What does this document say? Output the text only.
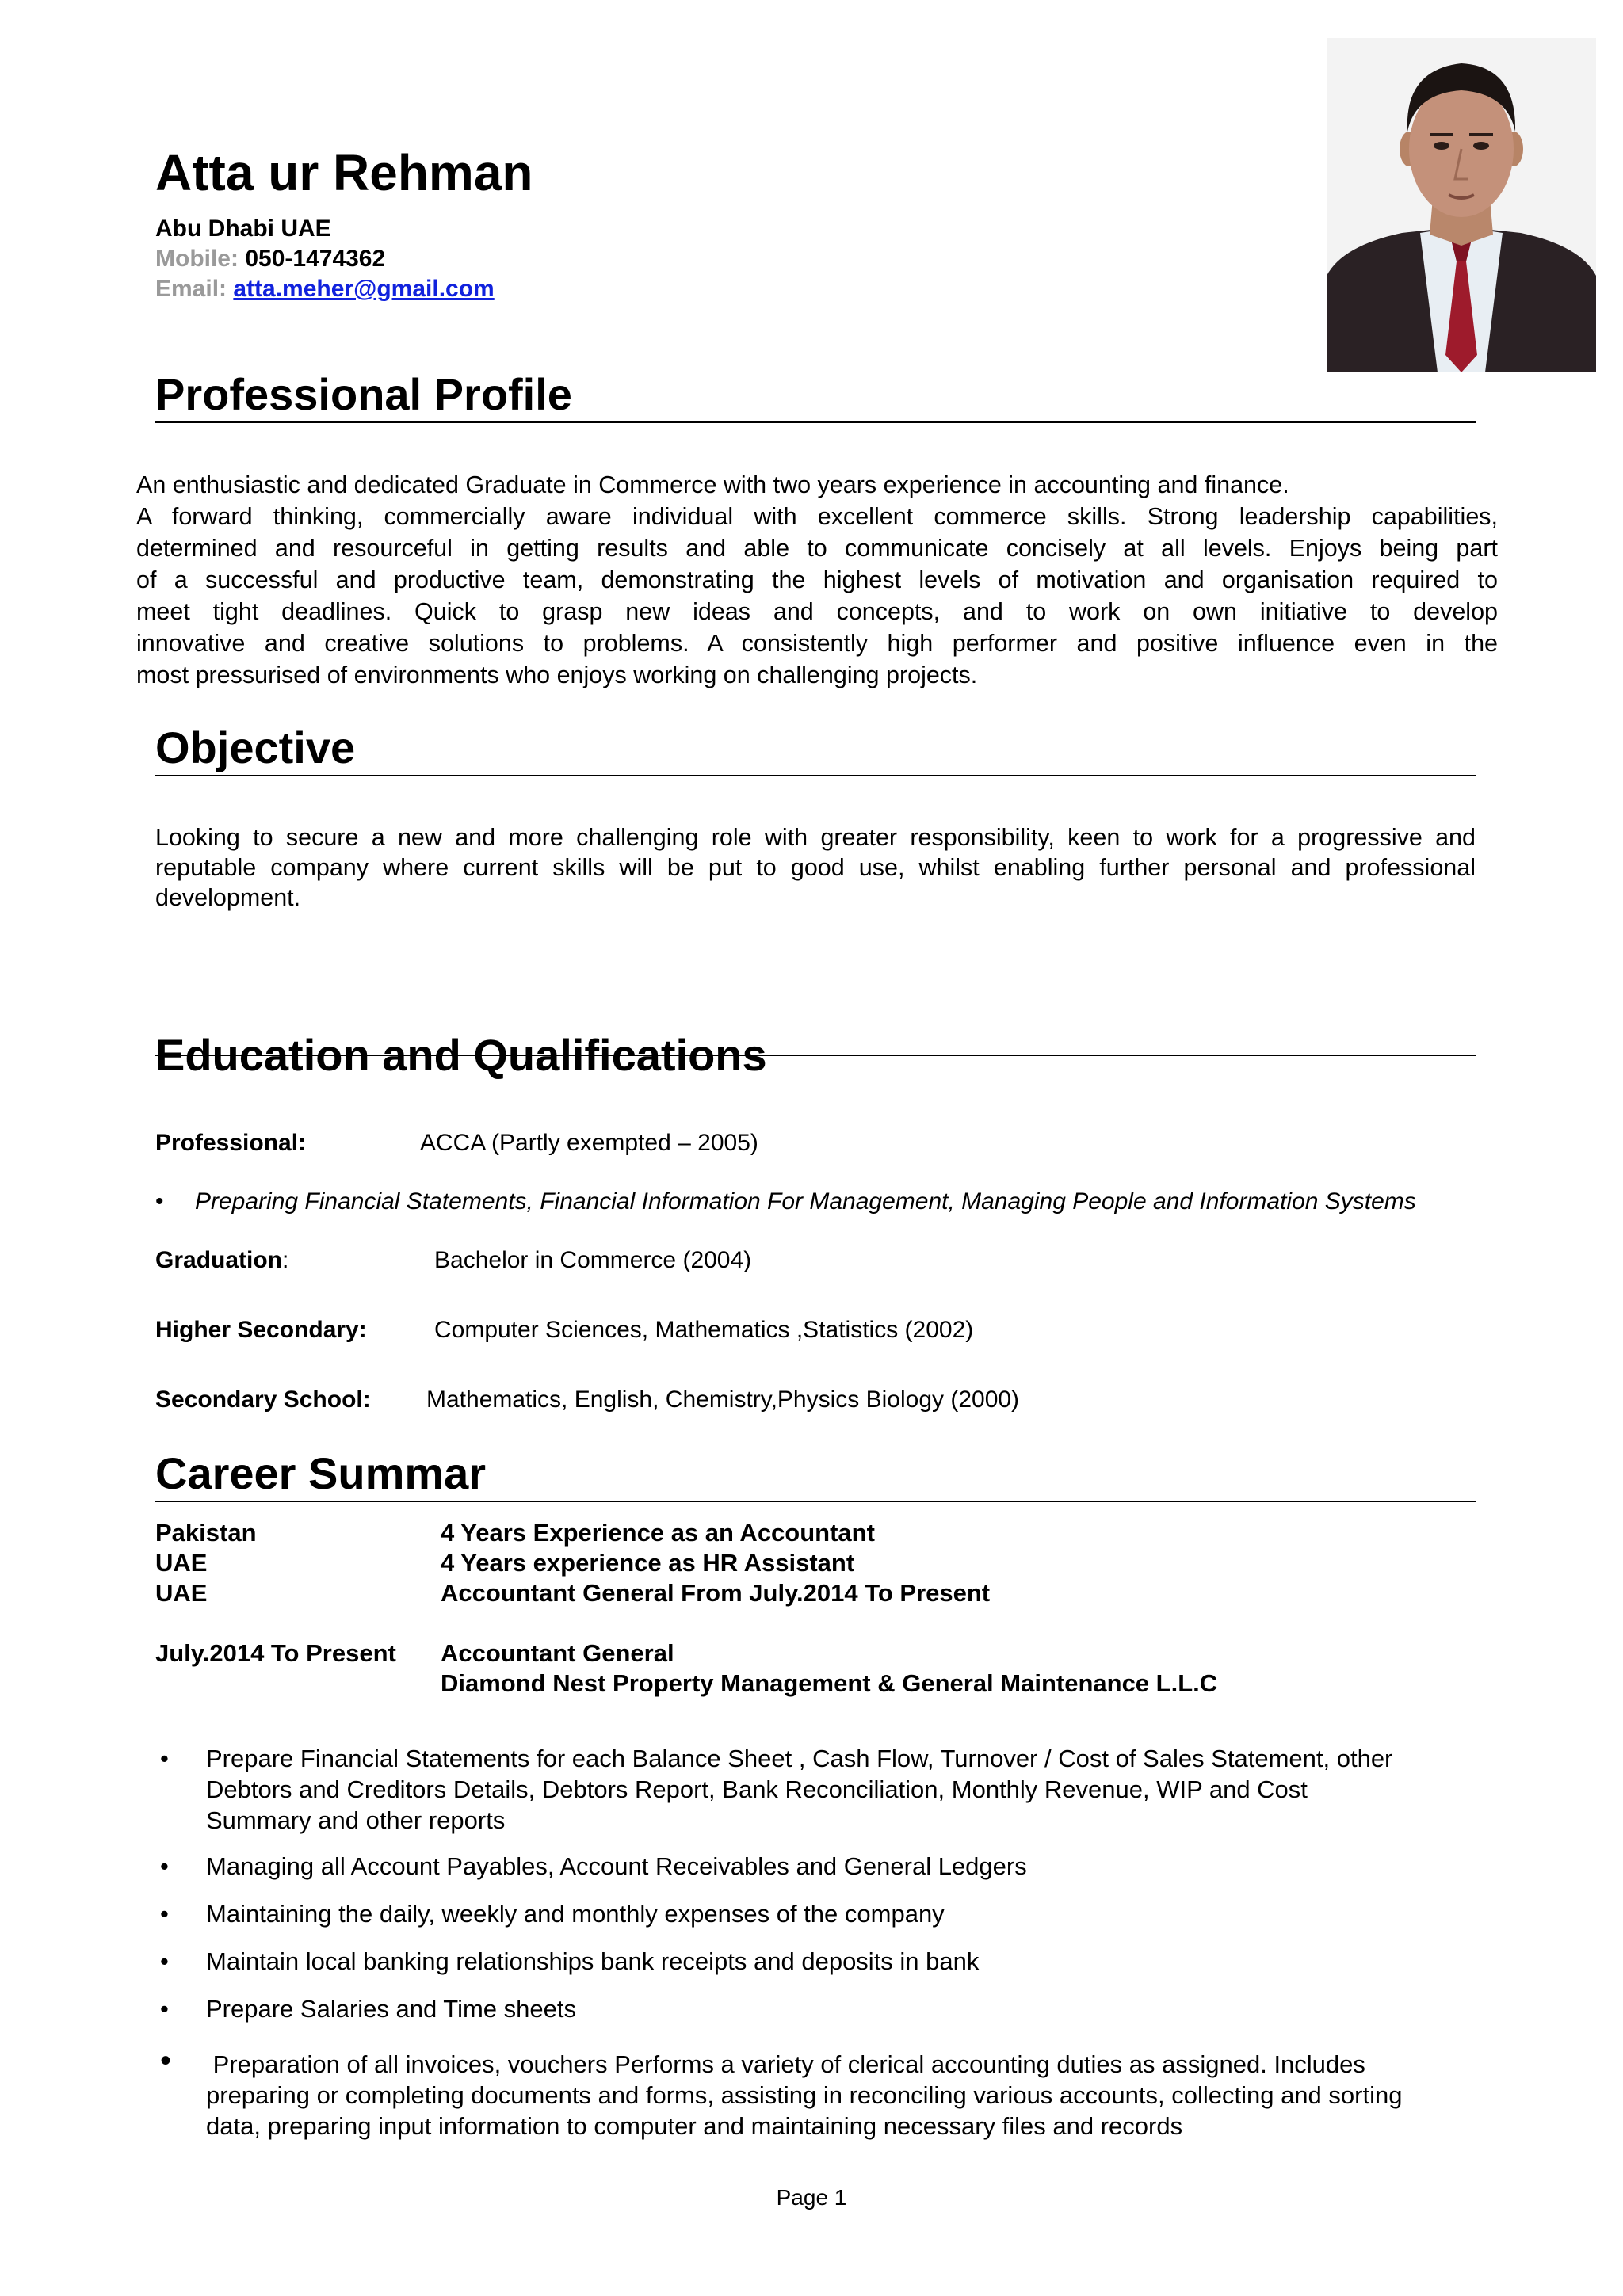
Atta ur Rehman
Abu Dhabi UAE
Mobile: 050-1474362
Email: atta.meher@gmail.com
Professional Profile
An enthusiastic and dedicated Graduate in Commerce with two years experience in accounting and finance.
A forward thinking, commercially aware individual with excellent commerce skills. Strong leadership capabilities,
determined and resourceful in getting results and able to communicate concisely at all levels. Enjoys being part
of a successful and productive team, demonstrating the highest levels of motivation and organisation required to
meet tight deadlines. Quick to grasp new ideas and concepts, and to work on own initiative to develop
innovative and creative solutions to problems. A consistently high performer and positive influence even in the
most pressurised of environments who enjoys working on challenging projects.
Objective
Looking to secure a new and more challenging role with greater responsibility, keen to work for a progressive and
reputable company where current skills will be put to good use, whilst enabling further personal and professional
development.
Education and Qualifications
Professional:	ACCA (Partly exempted – 2005)
• Preparing Financial Statements, Financial Information For Management, Managing People and Information Systems
Graduation:	Bachelor in Commerce (2004)
Higher Secondary:	Computer Sciences, Mathematics ,Statistics (2002)
Secondary School: Mathematics, English, Chemistry,Physics Biology (2000)
Career Summar
Pakistan	4 Years Experience as an Accountant
UAE	4 Years experience as HR Assistant
UAE	Accountant General From July.2014 To Present
July.2014 To Present Accountant General
Diamond Nest Property Management & General Maintenance L.L.C
• Prepare Financial Statements for each Balance Sheet , Cash Flow, Turnover / Cost of Sales Statement, other
Debtors and Creditors Details, Debtors Report, Bank Reconciliation, Monthly Revenue, WIP and Cost
Summary and other reports
• Managing all Account Payables, Account Receivables and General Ledgers
• Maintaining the daily, weekly and monthly expenses of the company
• Maintain local banking relationships bank receipts and deposits in bank
• Prepare Salaries and Time sheets
• Preparation of all invoices, vouchers Performs a variety of clerical accounting duties as assigned. Includes
preparing or completing documents and forms, assisting in reconciling various accounts, collecting and sorting
data, preparing input information to computer and maintaining necessary files and records
Page 1
